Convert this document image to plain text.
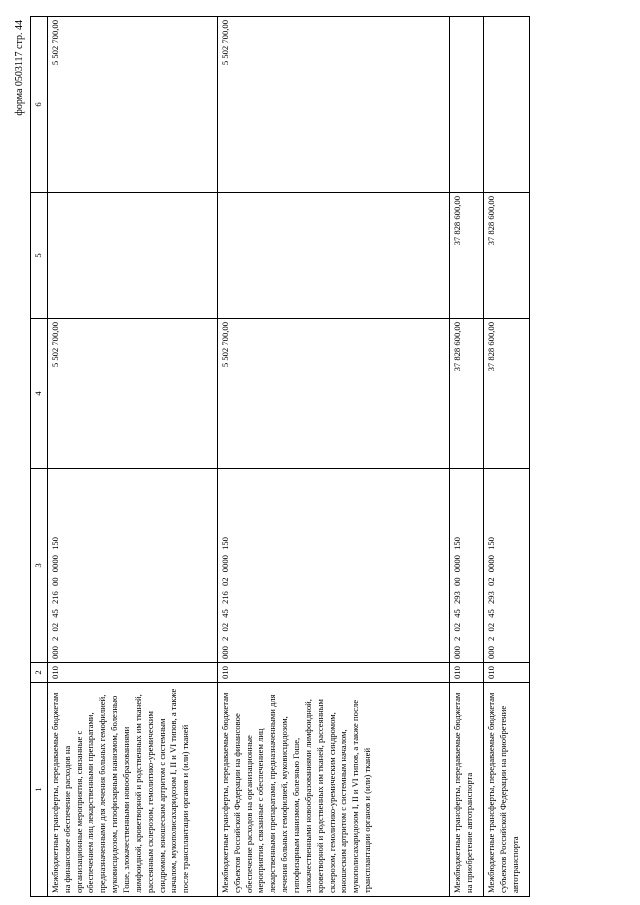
форма 0503117 стр. 44
1	2	3	4	5	6
Межбюджетные трансферты, передаваемые бюджетам на финансовое обеспечение расходов на организационные мероприятия, связанные с обеспечением лиц лекарственными препаратами, предназначенными для лечения больных гемофилией, муковисцидозом, гипофизарным нанизмом, болезнью Гоше, злокачественными новообразованиями лимфоидной, кроветворной и родственных им тканей, рассеянным склерозом, гемолитико-уремическим синдромом, юношеским артритом с системным началом, мукополисахаридозом I, II и VI типов, а также после трансплантации органов и (или) тканей	010	000 2 02 45 216 00 0000 150	5 502 700,00		5 502 700,00
Межбюджетные трансферты, передаваемые бюджетам субъектов Российской Федерации на финансовое обеспечение расходов на организационные мероприятия, связанные с обеспечением лиц лекарственными препаратами, предназначенными для лечения больных гемофилией, муковисцидозом, гипофизарным нанизмом, болезнью Гоше, злокачественными новообразованиями лимфоидной, кроветворной и родственных им тканей, рассеянным склерозом, гемолитико-уремическим синдромом, юношеским артритом с системным началом, мукополисахаридозом I, II и VI типов, а также после трансплантации органов и (или) тканей	010	000 2 02 45 216 02 0000 150	5 502 700,00		5 502 700,00
Межбюджетные трансферты, передаваемые бюджетам на приобретение автотранспорта	010	000 2 02 45 293 00 0000 150	37 828 600,00	37 828 600,00	
Межбюджетные трансферты, передаваемые бюджетам субъектов Российской Федерации на приобретение автотранспорта	010	000 2 02 45 293 02 0000 150	37 828 600,00	37 828 600,00	
